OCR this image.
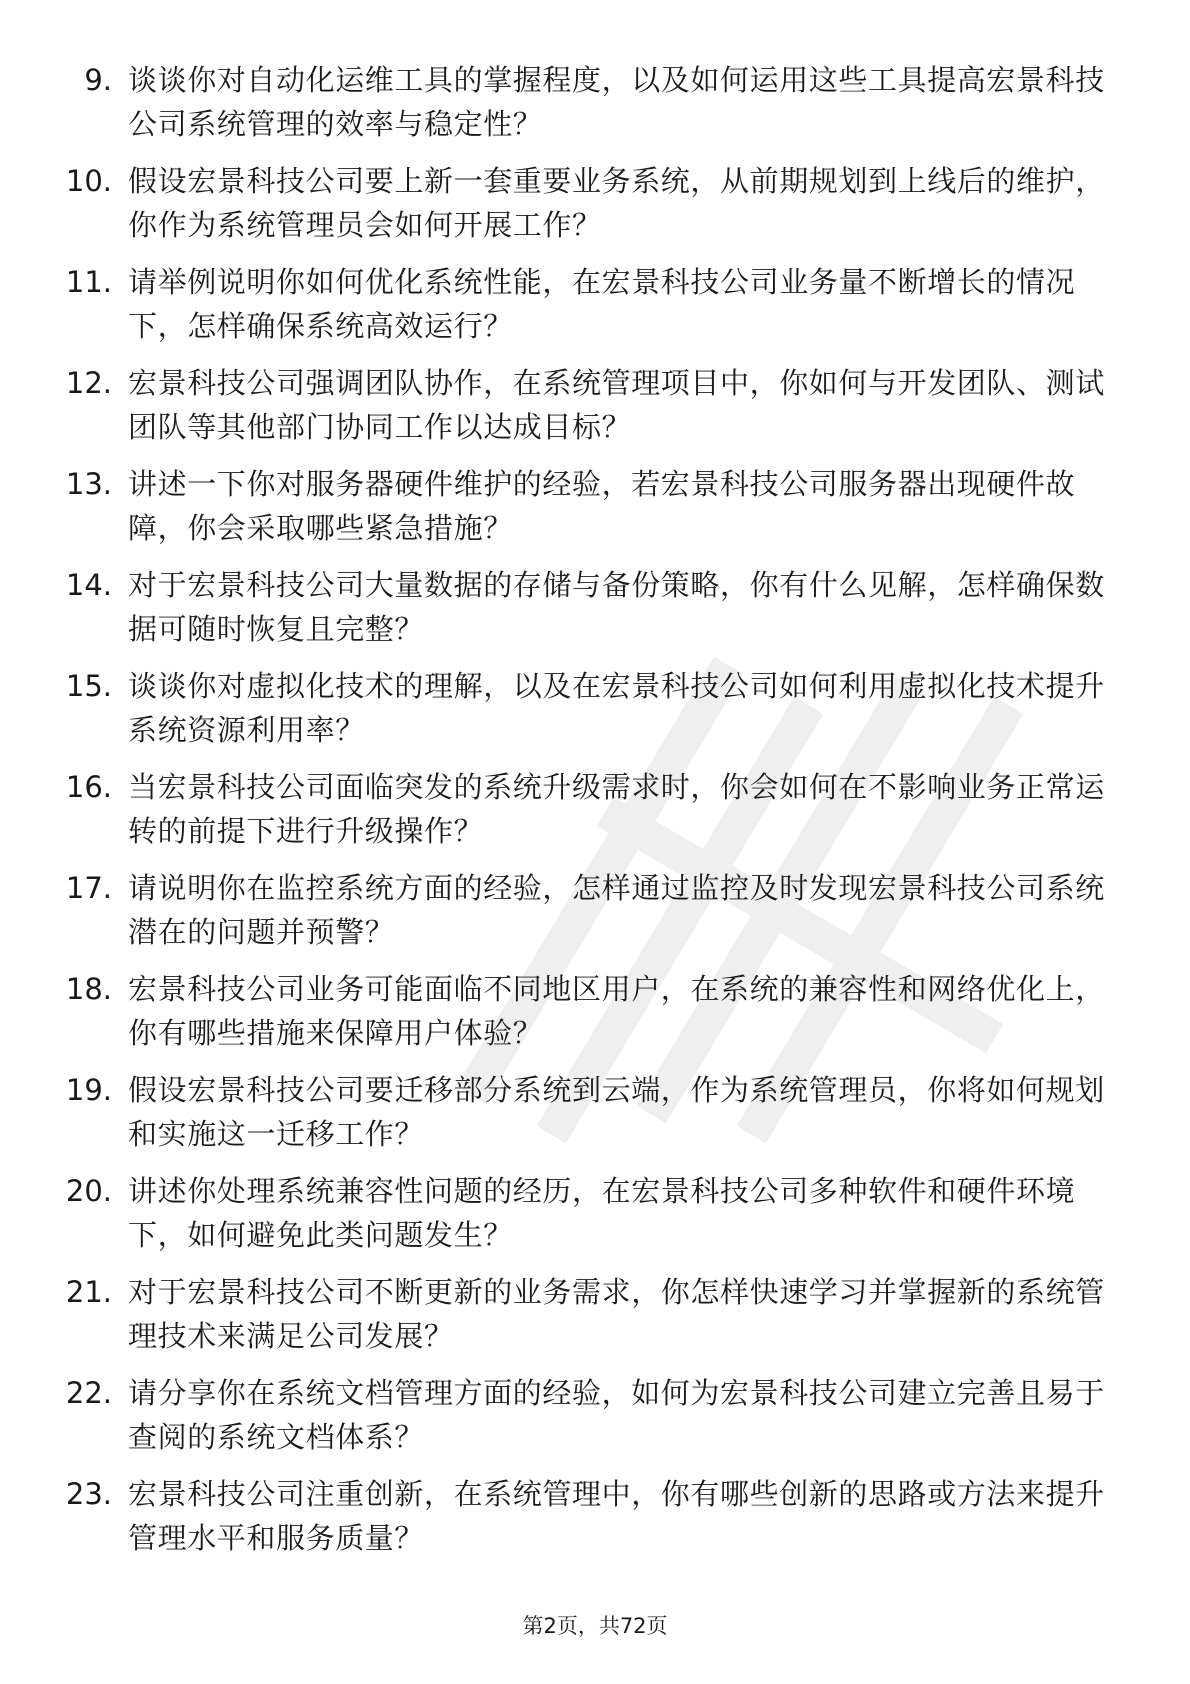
9. 谈谈你对自动化运维工具的掌握程度，以及如何运用这些工具提高宏景科技公司系统管理的效率与稳定性？
10. 假设宏景科技公司要上新一套重要业务系统，从前期规划到上线后的维护，你作为系统管理员会如何开展工作？
11. 请举例说明你如何优化系统性能，在宏景科技公司业务量不断增长的情况下，怎样确保系统高效运行？
12. 宏景科技公司强调团队协作，在系统管理项目中，你如何与开发团队、测试团队等其他部门协同工作以达成目标？
13. 讲述一下你对服务器硬件维护的经验，若宏景科技公司服务器出现硬件故障，你会采取哪些紧急措施？
14. 对于宏景科技公司大量数据的存储与备份策略，你有什么见解，怎样确保数据可随时恢复且完整？
15. 谈谈你对虚拟化技术的理解，以及在宏景科技公司如何利用虚拟化技术提升系统资源利用率？
16. 当宏景科技公司面临突发的系统升级需求时，你会如何在不影响业务正常运转的前提下进行升级操作？
17. 请说明你在监控系统方面的经验，怎样通过监控及时发现宏景科技公司系统潜在的问题并预警？
18. 宏景科技公司业务可能面临不同地区用户，在系统的兼容性和网络优化上，你有哪些措施来保障用户体验？
19. 假设宏景科技公司要迁移部分系统到云端，作为系统管理员，你将如何规划和实施这一迁移工作？
20. 讲述你处理系统兼容性问题的经历，在宏景科技公司多种软件和硬件环境下，如何避免此类问题发生？
21. 对于宏景科技公司不断更新的业务需求，你怎样快速学习并掌握新的系统管理技术来满足公司发展？
22. 请分享你在系统文档管理方面的经验，如何为宏景科技公司建立完善且易于查阅的系统文档体系？
23. 宏景科技公司注重创新，在系统管理中，你有哪些创新的思路或方法来提升管理水平和服务质量？
第2页，共72页
